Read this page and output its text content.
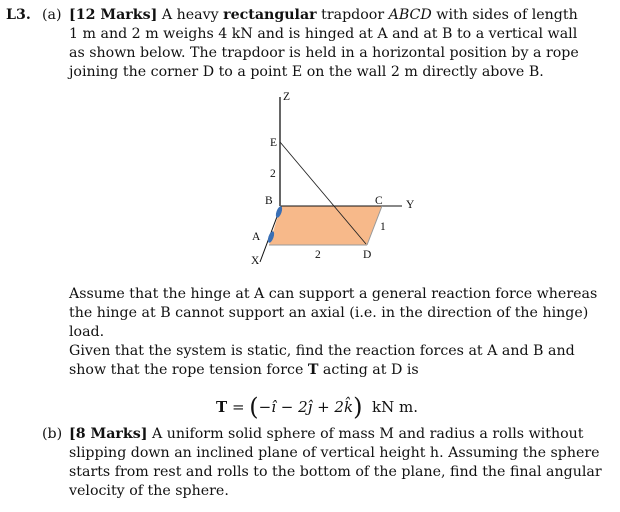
L3. (a) [12 Marks] A heavy rectangular trapdoor ABCD with sides of length
1 m and 2 m weighs 4 kN and is hinged at A and at B to a vertical wall
as shown below. The trapdoor is held in a horizontal position by a rope
joining the corner D to a point E on the wall 2 m directly above B.
Z
E
2
B	C Y
1
A
X	2	D
Assume that the hinge at A can support a general reaction force whereas
the hinge at B cannot support an axial (i.e. in the direction of the hinge)
load.
Given that the system is static, find the reaction forces at A and B and
show that the rope tension force T acting at D is
T = (−î − 2ĵ + 2k̂) kN m.
(b) [8 Marks] A uniform solid sphere of mass M and radius a rolls without
slipping down an inclined plane of vertical height h. Assuming the sphere
starts from rest and rolls to the bottom of the plane, find the final angular
velocity of the sphere.
